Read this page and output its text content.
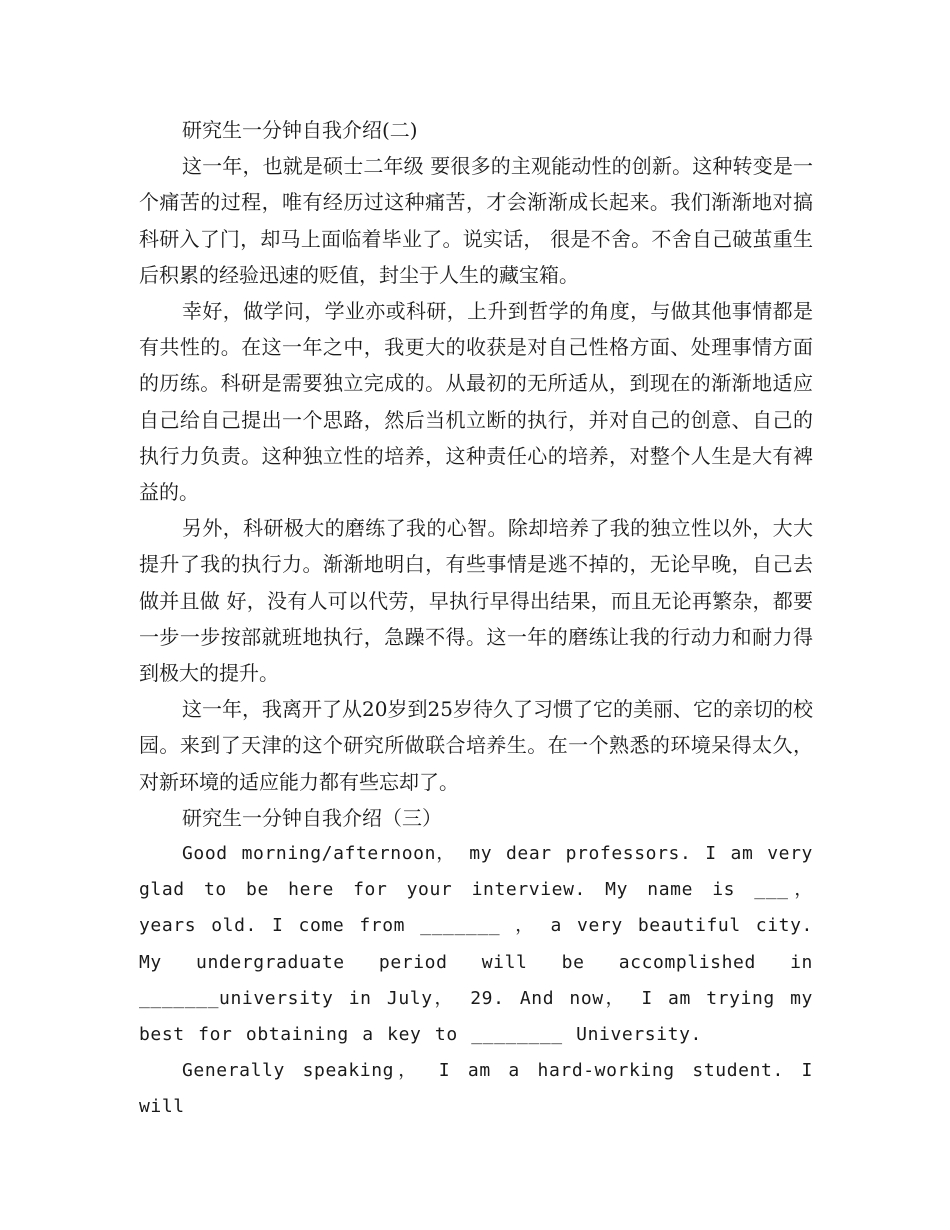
研究生一分钟自我介绍(二)

这一年，也就是硕士二年级 要很多的主观能动性的创新。这种转变是一个痛苦的过程，唯有经历过这种痛苦，才会渐渐成长起来。我们渐渐地对搞科研入了门，却马上面临着毕业了。说实话， 很是不舍。不舍自己破茧重生后积累的经验迅速的贬值，封尘于人生的藏宝箱。

幸好，做学问，学业亦或科研，上升到哲学的角度，与做其他事情都是有共性的。在这一年之中，我更大的收获是对自己性格方面、处理事情方面的历练。科研是需要独立完成的。从最初的无所适从，到现在的渐渐地适应自己给自己提出一个思路，然后当机立断的执行，并对自己的创意、自己的执行力负责。这种独立性的培养，这种责任心的培养，对整个人生是大有裨益的。

另外，科研极大的磨练了我的心智。除却培养了我的独立性以外，大大提升了我的执行力。渐渐地明白，有些事情是逃不掉的，无论早晚，自己去做并且做 好，没有人可以代劳，早执行早得出结果，而且无论再繁杂，都要一步一步按部就班地执行，急躁不得。这一年的磨练让我的行动力和耐力得到极大的提升。

这一年，我离开了从20岁到25岁待久了习惯了它的美丽、它的亲切的校园。来到了天津的这个研究所做联合培养生。在一个熟悉的环境呆得太久，对新环境的适应能力都有些忘却了。

研究生一分钟自我介绍（三）

Good morning/afternoon， my dear professors. I am very glad to be here for your interview. My name is ___， years old. I come from _______ ， a very beautiful city. My undergraduate period will be accomplished in _______university in July， 29. And now， I am trying my best for obtaining a key to ________ University.

Generally speaking， I am a hard-working student. I will
